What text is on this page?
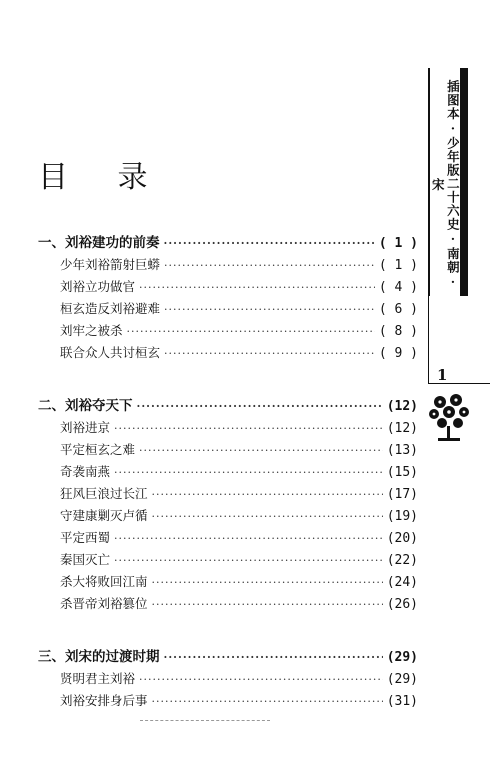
目 录	插图本·少年版二十六史·南朝·宋
1
一、刘裕建功的前奏 ·····	( 1 )
少年刘裕箭射巨蟒 ·····	( 1 )
刘裕立功做官 ·····	( 4 )
桓玄造反刘裕避难 ·····	( 6 )
刘牢之被杀 ·····	( 8 )
联合众人共讨桓玄 ·····	( 9 )
二、刘裕夺天下 ·····	(12)
刘裕进京 ·····	(12)
平定桓玄之难 ·····	(13)
奇袭南燕 ·····	(15)
狂风巨浪过长江 ·····	(17)
守建康剿灭卢循 ·····	(19)
平定西蜀 ·····	(20)
秦国灭亡 ·····	(22)
杀大将败回江南 ·····	(24)
杀晋帝刘裕篡位 ·····	(26)
三、刘宋的过渡时期 ·····	(29)
贤明君主刘裕 ·····	(29)
刘裕安排身后事 ·····	(31)
